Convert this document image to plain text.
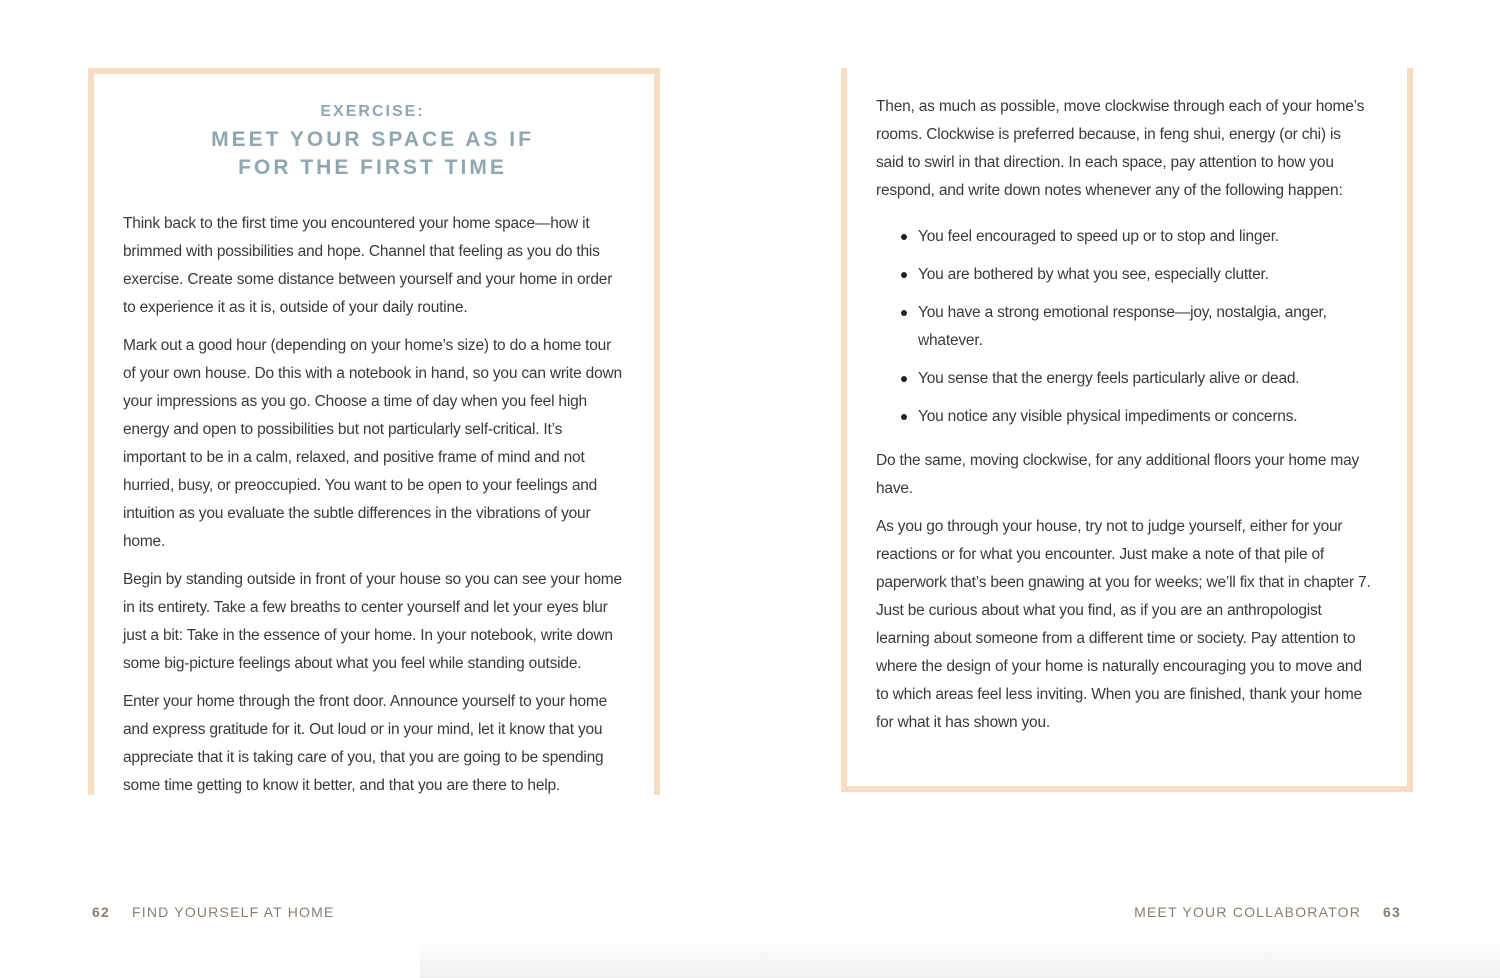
EXERCISE:
MEET YOUR SPACE AS IF
FOR THE FIRST TIME

Think back to the first time you encountered your home space—how it brimmed with possibilities and hope. Channel that feeling as you do this exercise. Create some distance between yourself and your home in order to experience it as it is, outside of your daily routine.

Mark out a good hour (depending on your home’s size) to do a home tour of your own house. Do this with a notebook in hand, so you can write down your impressions as you go. Choose a time of day when you feel high energy and open to possibilities but not particularly self-critical. It’s important to be in a calm, relaxed, and positive frame of mind and not hurried, busy, or preoccupied. You want to be open to your feelings and intuition as you evaluate the subtle differences in the vibrations of your home.

Begin by standing outside in front of your house so you can see your home in its entirety. Take a few breaths to center yourself and let your eyes blur just a bit: Take in the essence of your home. In your notebook, write down some big-picture feelings about what you feel while standing outside.

Enter your home through the front door. Announce yourself to your home and express gratitude for it. Out loud or in your mind, let it know that you appreciate that it is taking care of you, that you are going to be spending some time getting to know it better, and that you are there to help.

Then, as much as possible, move clockwise through each of your home’s rooms. Clockwise is preferred because, in feng shui, energy (or chi) is said to swirl in that direction. In each space, pay attention to how you respond, and write down notes whenever any of the following happen:

You feel encouraged to speed up or to stop and linger.
You are bothered by what you see, especially clutter.
You have a strong emotional response—joy, nostalgia, anger, whatever.
You sense that the energy feels particularly alive or dead.
You notice any visible physical impediments or concerns.

Do the same, moving clockwise, for any additional floors your home may have.

As you go through your house, try not to judge yourself, either for your reactions or for what you encounter. Just make a note of that pile of paperwork that’s been gnawing at you for weeks; we’ll fix that in chapter 7. Just be curious about what you find, as if you are an anthropologist learning about someone from a different time or society. Pay attention to where the design of your home is naturally encouraging you to move and to which areas feel less inviting. When you are finished, thank your home for what it has shown you.

62 FIND YOURSELF AT HOME	MEET YOUR COLLABORATOR 63
